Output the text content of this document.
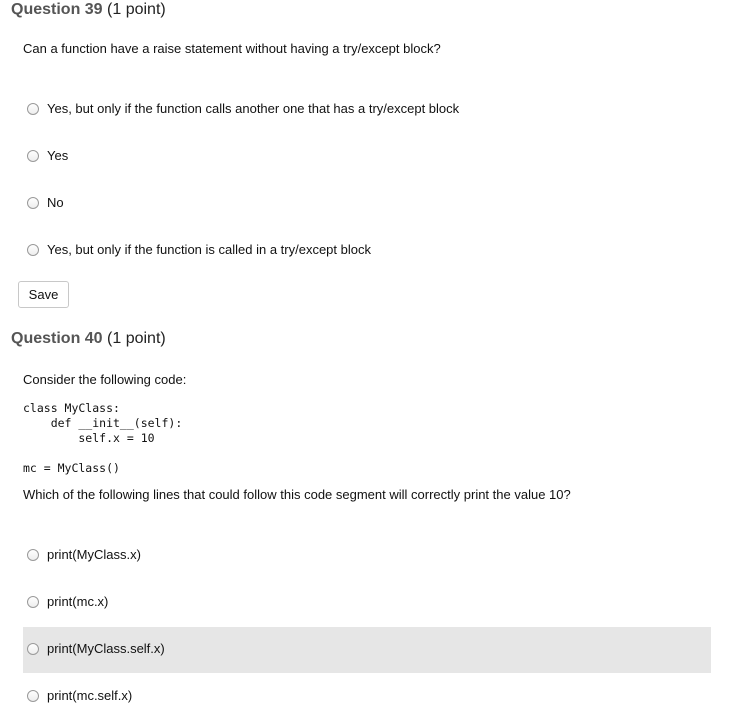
Question 39 (1 point)
Can a function have a raise statement without having a try/except block?
Yes, but only if the function calls another one that has a try/except block
Yes
No
Yes, but only if the function is called in a try/except block
Save
Question 40 (1 point)
Consider the following code:
class MyClass:
def __init__(self):
self.x = 10
mc = MyClass()
Which of the following lines that could follow this code segment will correctly print the value 10?
print(MyClass.x)
print(mc.x)
print(MyClass.self.x)
print(mc.self.x)
